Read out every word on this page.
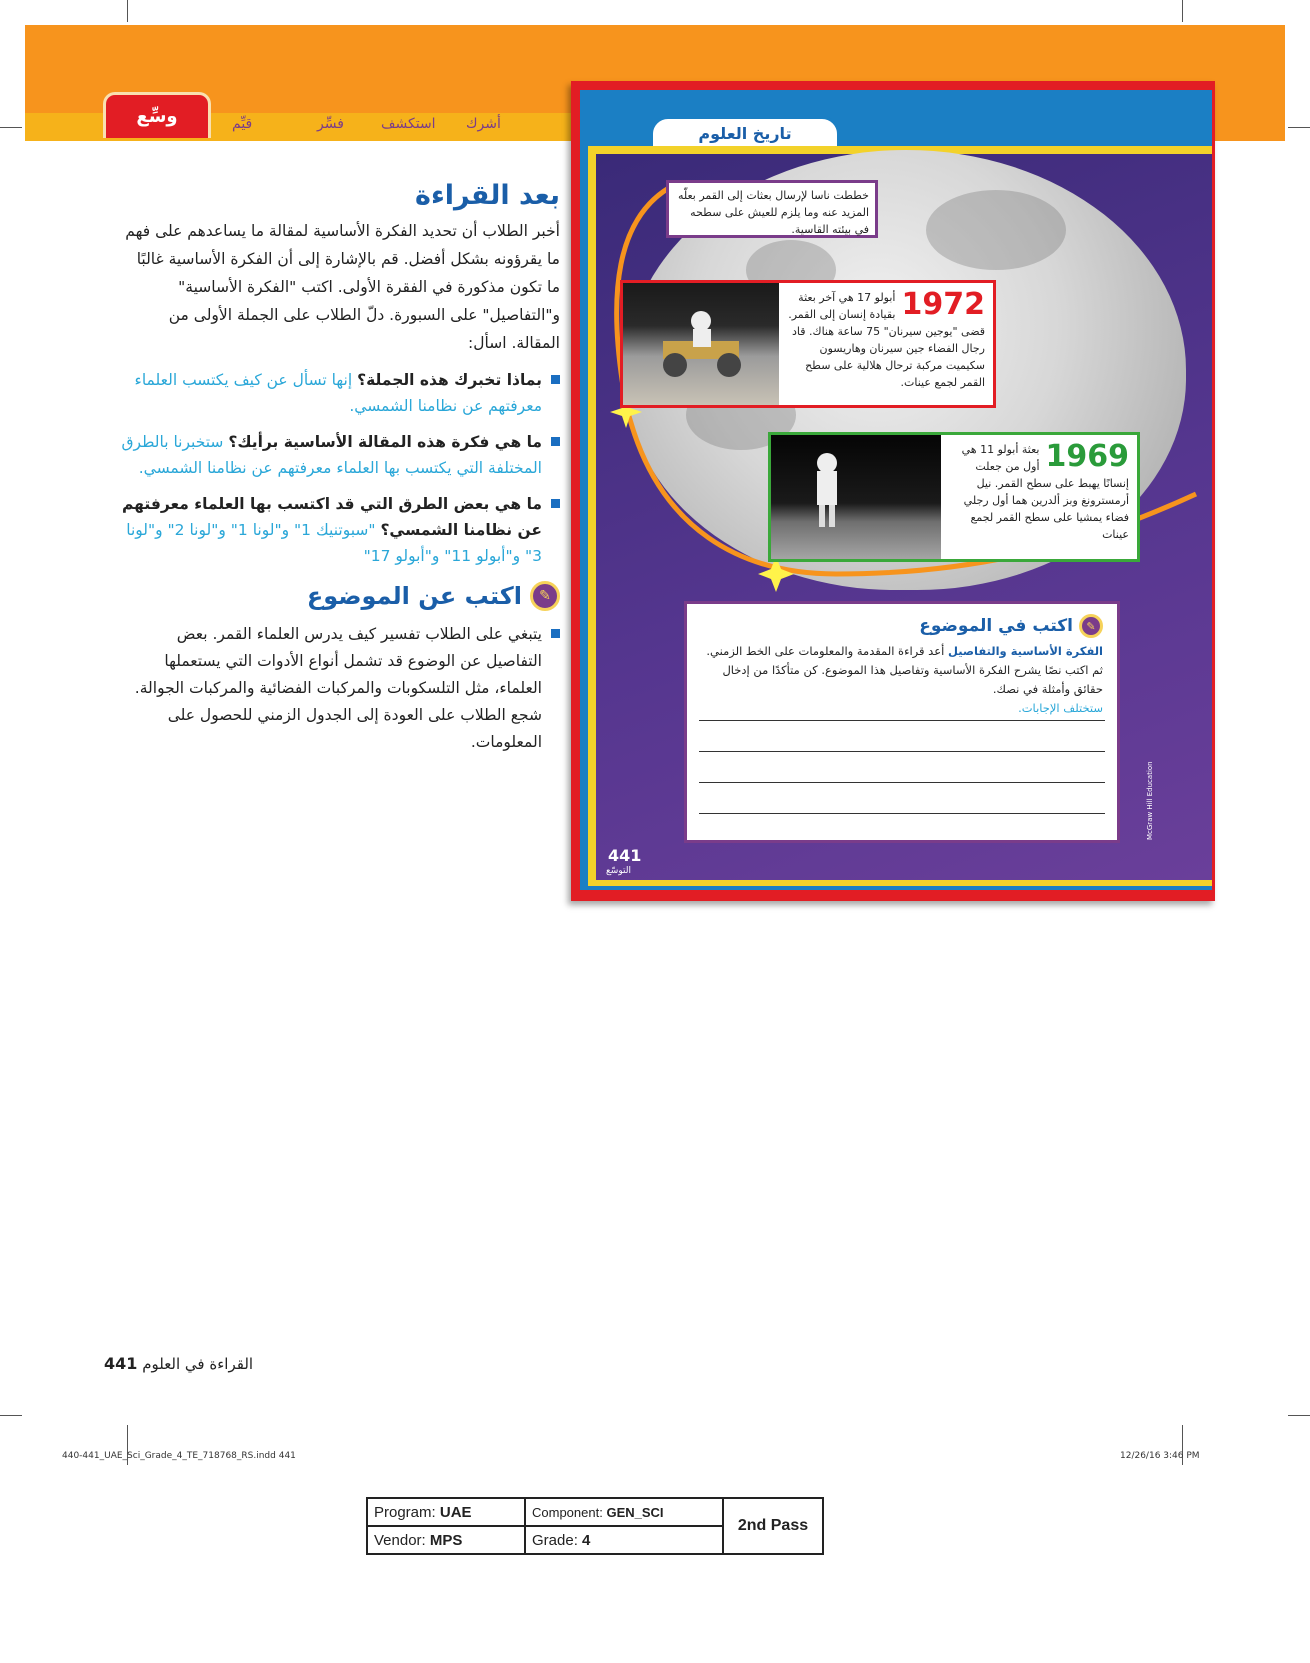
وسِّع	أشرك
استكشف
فسِّر
قيِّم
بعد القراءة

أخبر الطلاب أن تحديد الفكرة الأساسية لمقالة ما يساعدهم على فهم ما يقرؤونه بشكل أفضل. قم بالإشارة إلى أن الفكرة الأساسية غالبًا ما تكون مذكورة في الفقرة الأولى. اكتب "الفكرة الأساسية" و"التفاصيل" على السبورة. دلّ الطلاب على الجملة الأولى من المقالة. اسأل:

بماذا تخبرك هذه الجملة؟ إنها تسأل عن كيف يكتسب العلماء معرفتهم عن نظامنا الشمسي.
ما هي فكرة هذه المقالة الأساسية برأيك؟ ستخبرنا بالطرق المختلفة التي يكتسب بها العلماء معرفتهم عن نظامنا الشمسي.
ما هي بعض الطرق التي قد اكتسب بها العلماء معرفتهم عن نظامنا الشمسي؟ "سبوتنيك 1" و"لونا 1" و"لونا 2" و"لونا 3" و"أبولو 11" و"أبولو 17"
✎
اكتب عن الموضوع
يتبغي على الطلاب تفسير كيف يدرس العلماء القمر. بعض التفاصيل عن الوضوع قد تشمل أنواع الأدوات التي يستعملها العلماء، مثل التلسكوبات والمركبات الفضائية والمركبات الجوالة. شجع الطلاب على العودة إلى الجدول الزمني للحصول على المعلومات.
تاريخ العلوم
خططت ناسا لإرسال بعثات إلى القمر بعلّه المزيد عنه وما يلزم للعيش على سطحه في بيئته القاسية.
1972
أبولو 17 هي آخر بعثة بقيادة إنسان إلى القمر. قضى "يوجين سيرنان" 75 ساعة هناك. قاد رجال الفضاء جين سيرنان وهاريسون سكيميت مركبة ترحال هلالية على سطح القمر لجمع عينات.
1969
بعثة أبولو 11 هي أول من جعلت إنسانًا يهبط على سطح القمر. نيل أرمسترونغ وبز ألدرين هما أول رجلي فضاء يمشيا على سطح القمر لجمع عينات
✎
اكتب في الموضوع
الفكرة الأساسية والتفاصيل أعد قراءة المقدمة والمعلومات على الخط الزمني. ثم اكتب نصًا يشرح الفكرة الأساسية وتفاصيل هذا الموضوع. كن متأكدًا من إدخال حقائق وأمثلة في نصك.
ستختلف الإجابات.
McGraw Hill Education
441
التوسّع
القراءة في العلوم 441
440-441_UAE_Sci_Grade_4_TE_718768_RS.indd 441	12/26/16 3:46 PM
Program: UAE	Component: GEN_SCI	2nd Pass
Vendor: MPS	Grade: 4	
